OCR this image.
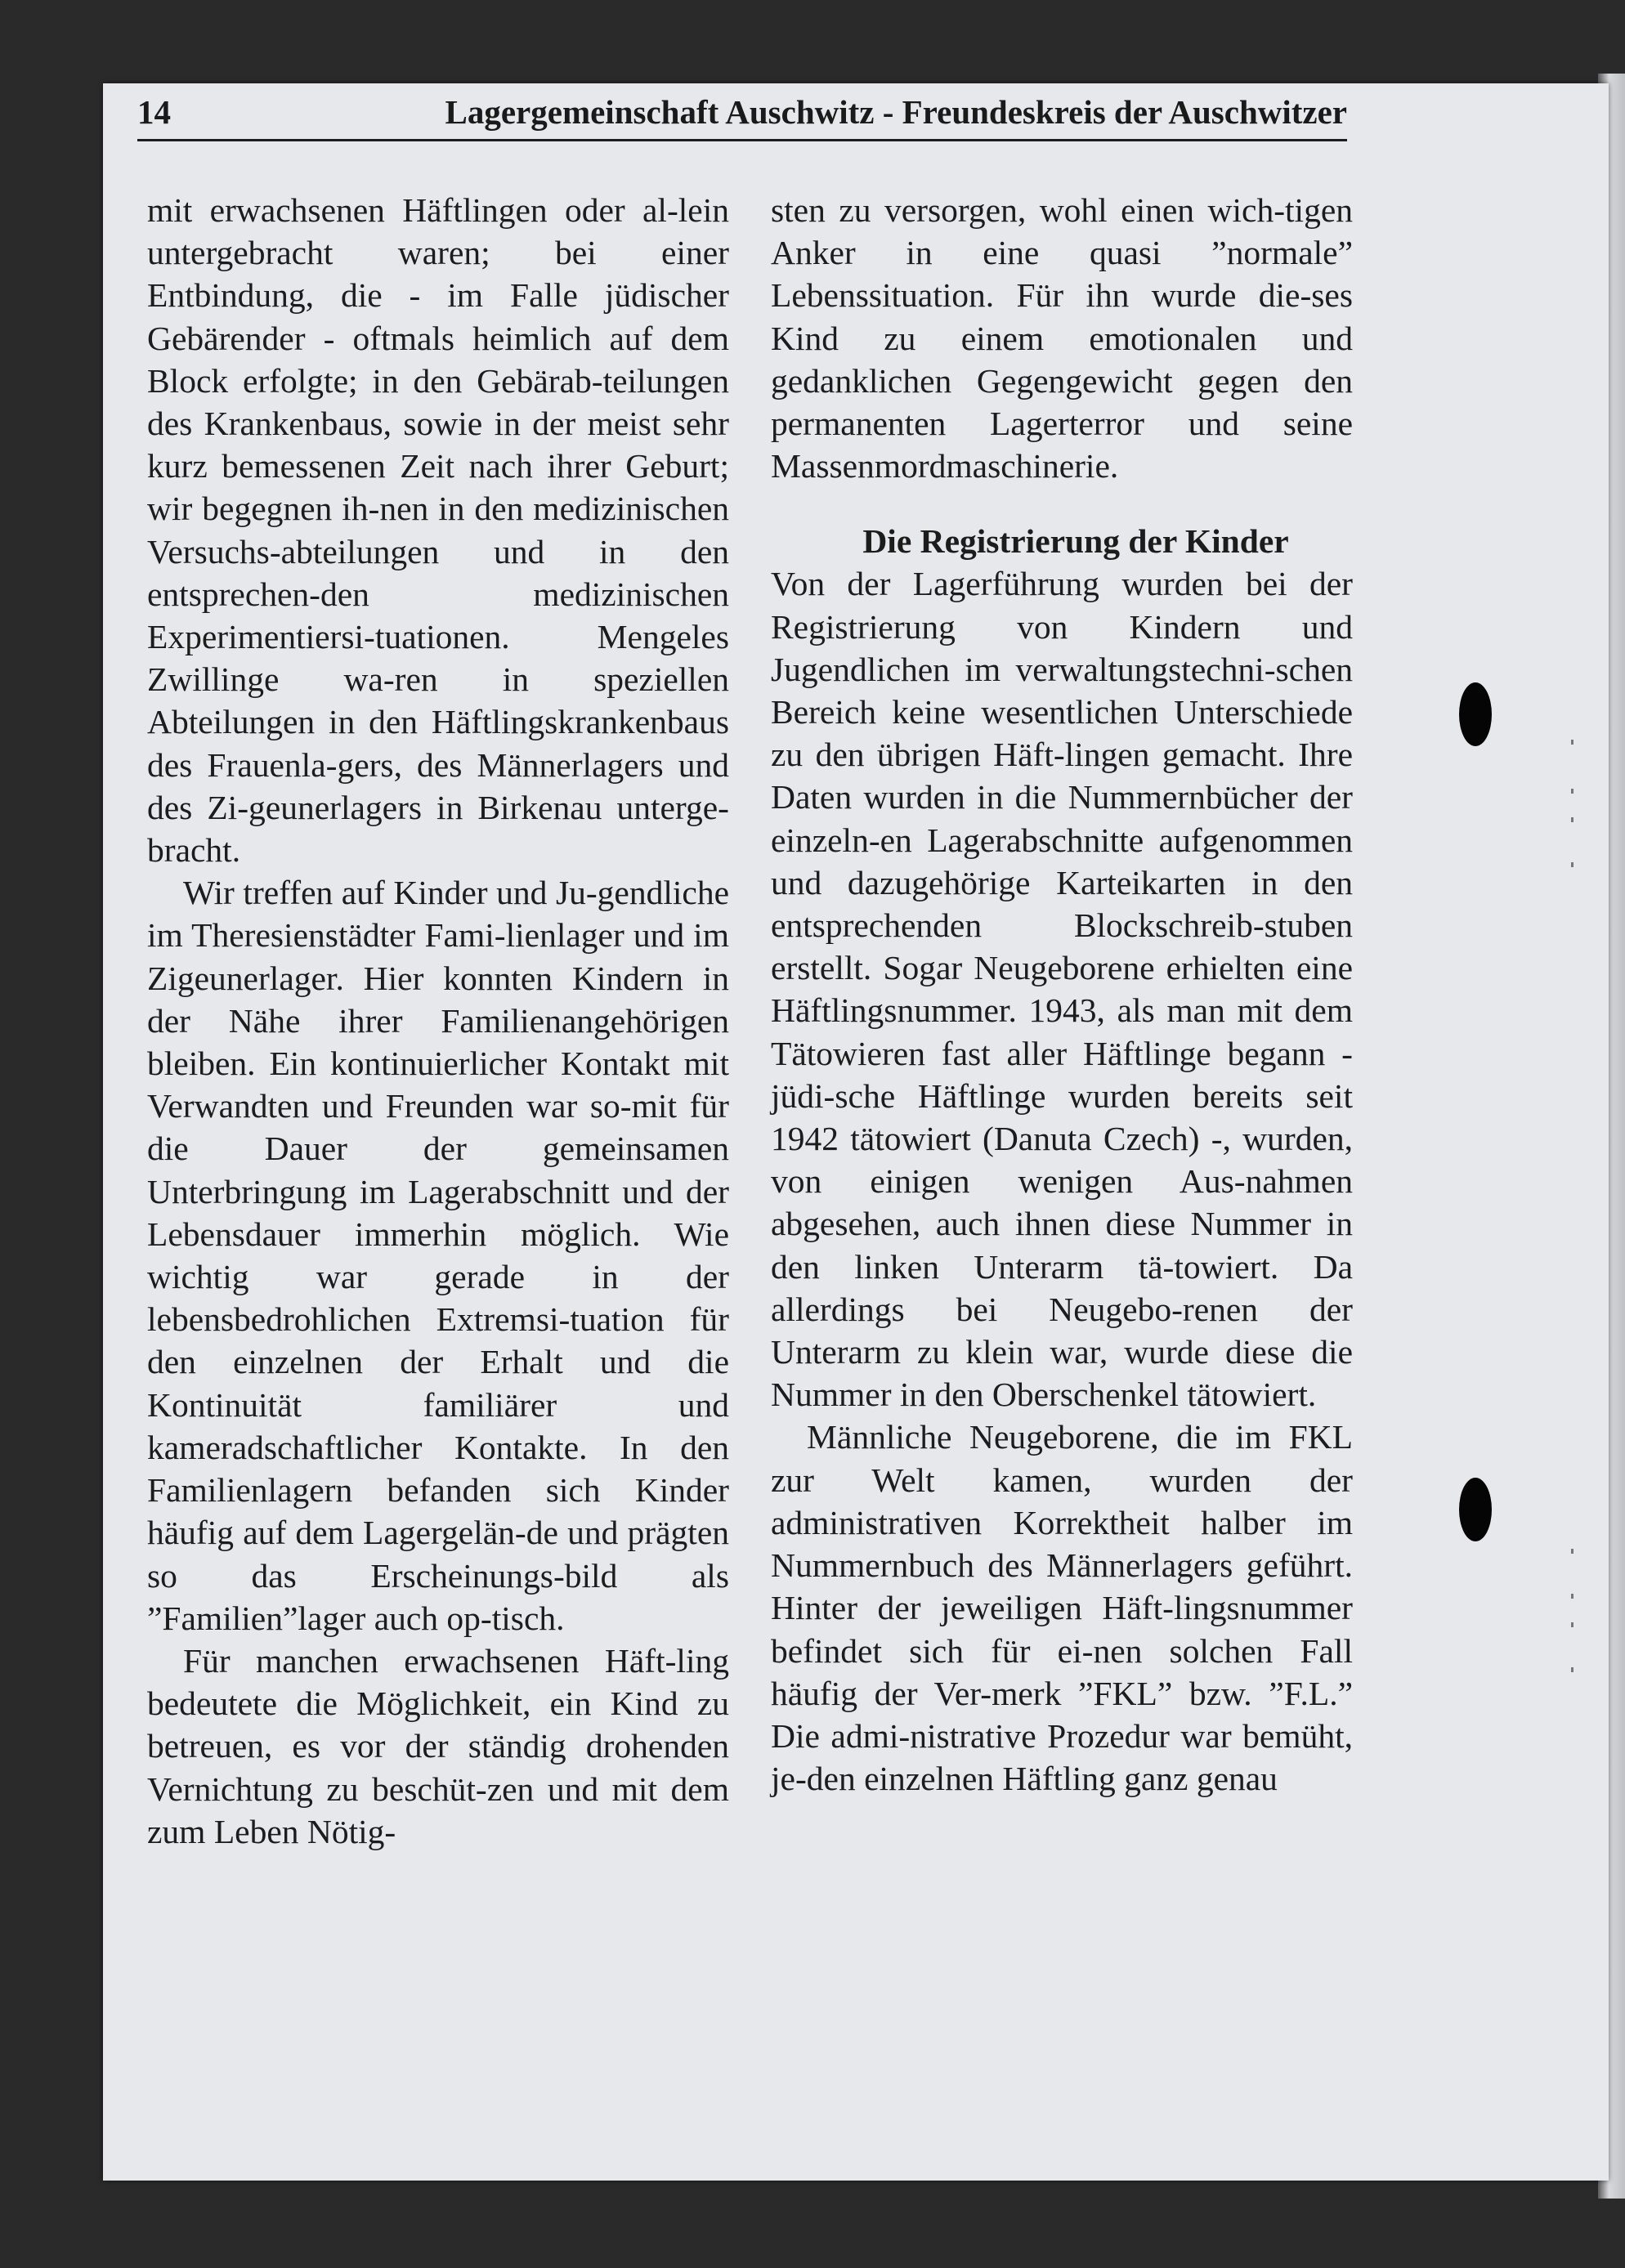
14	Lagergemeinschaft Auschwitz - Freundeskreis der Auschwitzer

mit erwachsenen Häftlingen oder al-lein untergebracht waren; bei einer Entbindung, die - im Falle jüdischer Gebärender - oftmals heimlich auf dem Block erfolgte; in den Gebärab-teilungen des Krankenbaus, sowie in der meist sehr kurz bemessenen Zeit nach ihrer Geburt; wir begegnen ih-nen in den medizinischen Versuchs-abteilungen und in den entsprechen-den medizinischen Experimentiersi-tuationen. Mengeles Zwillinge wa-ren in speziellen Abteilungen in den Häftlingskrankenbaus des Frauenla-gers, des Männerlagers und des Zi-geunerlagers in Birkenau unterge-bracht.

Wir treffen auf Kinder und Ju-gendliche im Theresienstädter Fami-lienlager und im Zigeunerlager. Hier konnten Kindern in der Nähe ihrer Familienangehörigen bleiben. Ein kontinuierlicher Kontakt mit Verwandten und Freunden war so-mit für die Dauer der gemeinsamen Unterbringung im Lagerabschnitt und der Lebensdauer immerhin möglich. Wie wichtig war gerade in der lebensbedrohlichen Extremsi-tuation für den einzelnen der Erhalt und die Kontinuität familiärer und kameradschaftlicher Kontakte. In den Familienlagern befanden sich Kinder häufig auf dem Lagergelän-de und prägten so das Erscheinungs-bild als ”Familien”lager auch op-tisch.

Für manchen erwachsenen Häft-ling bedeutete die Möglichkeit, ein Kind zu betreuen, es vor der ständig drohenden Vernichtung zu beschüt-zen und mit dem zum Leben Nötig-

sten zu versorgen, wohl einen wich-tigen Anker in eine quasi ”normale” Lebenssituation. Für ihn wurde die-ses Kind zu einem emotionalen und gedanklichen Gegengewicht gegen den permanenten Lagerterror und seine Massenmordmaschinerie.

Die Registrierung der Kinder

Von der Lagerführung wurden bei der Registrierung von Kindern und Jugendlichen im verwaltungstechni-schen Bereich keine wesentlichen Unterschiede zu den übrigen Häft-lingen gemacht. Ihre Daten wurden in die Nummernbücher der einzeln-en Lagerabschnitte aufgenommen und dazugehörige Karteikarten in den entsprechenden Blockschreib-stuben erstellt. Sogar Neugeborene erhielten eine Häftlingsnummer. 1943, als man mit dem Tätowieren fast aller Häftlinge begann - jüdi-sche Häftlinge wurden bereits seit 1942 tätowiert (Danuta Czech) -, wurden, von einigen wenigen Aus-nahmen abgesehen, auch ihnen diese Nummer in den linken Unterarm tä-towiert. Da allerdings bei Neugebo-renen der Unterarm zu klein war, wurde diese die Nummer in den Oberschenkel tätowiert.

Männliche Neugeborene, die im FKL zur Welt kamen, wurden der administrativen Korrektheit halber im Nummernbuch des Männerlagers geführt. Hinter der jeweiligen Häft-lingsnummer befindet sich für ei-nen solchen Fall häufig der Ver-merk ”FKL” bzw. ”F.L.” Die admi-nistrative Prozedur war bemüht, je-den einzelnen Häftling ganz genau
